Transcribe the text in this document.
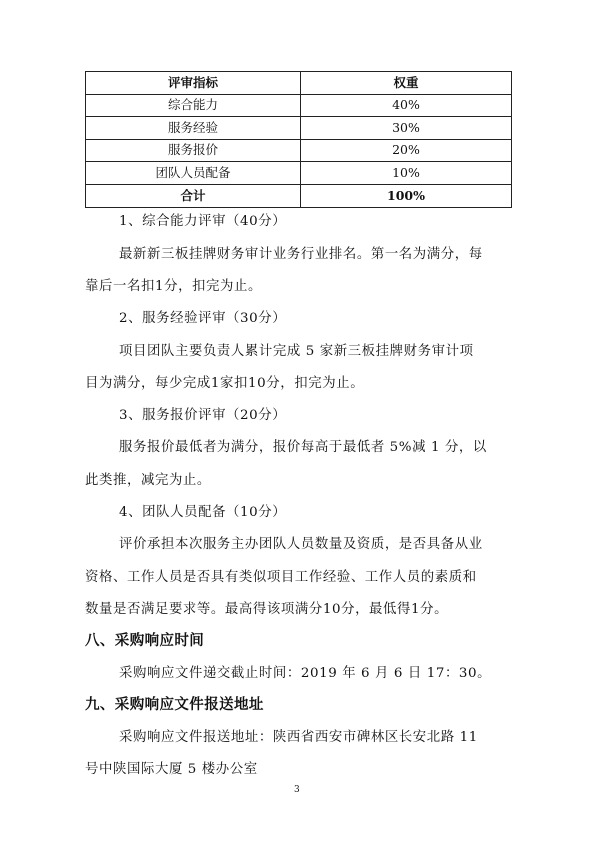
评审指标	权重
综合能力	40%
服务经验	30%
服务报价	20%
团队人员配备	10%
合计	100%
1、综合能力评审（40分）
最新新三板挂牌财务审计业务行业排名。第一名为满分，每
靠后一名扣1分，扣完为止。
2、服务经验评审（30分）
项目团队主要负责人累计完成 5 家新三板挂牌财务审计项
目为满分，每少完成1家扣10分，扣完为止。
3、服务报价评审（20分）
服务报价最低者为满分，报价每高于最低者 5%减 1 分，以
此类推，减完为止。
4、团队人员配备（10分）
评价承担本次服务主办团队人员数量及资质，是否具备从业
资格、工作人员是否具有类似项目工作经验、工作人员的素质和
数量是否满足要求等。最高得该项满分10分，最低得1分。
八、采购响应时间
采购响应文件递交截止时间：2019 年 6 月 6 日 17：30。
九、采购响应文件报送地址
采购响应文件报送地址：陕西省西安市碑林区长安北路 11
号中陕国际大厦 5 楼办公室
3
